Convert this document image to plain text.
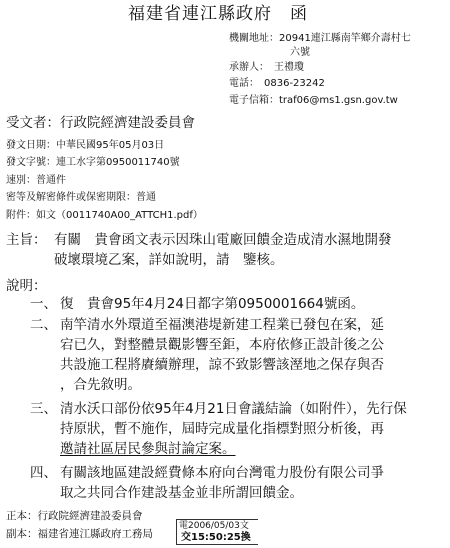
福建省連江縣政府　函
機關地址：20941連江縣南竿鄉介壽村七
六號
承辦人：　 王禮瓊
電話：　 0836-23242
電子信箱：traf06@ms1.gsn.gov.tw
受文者：行政院經濟建設委員會
發文日期：中華民國95年05月03日
發文字號：連工水字第0950011740號
速別：普通件
密等及解密條件或保密期限：普通
附件：如文（0011740A00_ATTCH1.pdf）
主旨： 有關　貴會函文表示因珠山電廠回饋金造成清水濕地開發
破壞環境乙案，詳如說明，請　鑒核。
說明：
一、 復　貴會95年4月24日都字第0950001664號函。
二、 南竿清水外環道至福澳港堤新建工程業已發包在案，延
宕已久，對整體景觀影響至鉅，本府依修正設計後之公
共設施工程將賡續辦理，諒不致影響該溼地之保存與否
，合先敘明。
三、 清水沃口部份依95年4月21日會議結論（如附件），先行保
持原狀，暫不施作，屆時完成量化指標對照分析後，再
邀請社區居民參與討論定案。
四、 有關該地區建設經費條本府向台灣電力股份有限公司爭
取之共同合作建設基金並非所謂回饋金。
正本：行政院經濟建設委員會
副本：福建省連江縣政府工務局
電2006/05/03文
交15:50:25換
